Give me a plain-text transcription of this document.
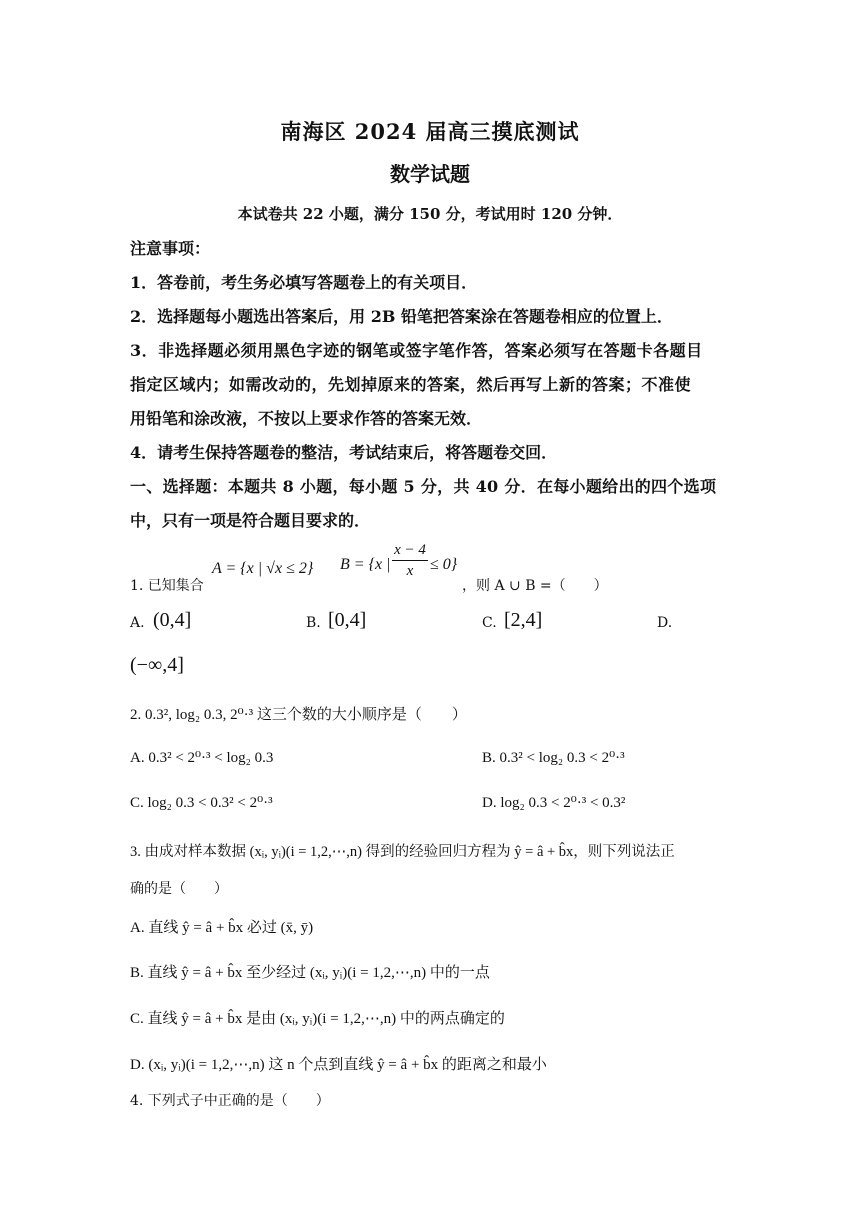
南海区 2024 届高三摸底测试
数学试题
本试卷共 22 小题，满分 150 分，考试用时 120 分钟．
注意事项：
1．答卷前，考生务必填写答题卷上的有关项目．
2．选择题每小题选出答案后，用 2B 铅笔把答案涂在答题卷相应的位置上．
3．非选择题必须用黑色字迹的钢笔或签字笔作答，答案必须写在答题卡各题目
指定区域内；如需改动的，先划掉原来的答案，然后再写上新的答案；不准使
用铅笔和涂改液，不按以上要求作答的答案无效．
4．请考生保持答题卷的整洁，考试结束后，将答题卷交回．
一、选择题：本题共 8 小题，每小题 5 分，共 40 分．在每小题给出的四个选项
中，只有一项是符合题目要求的．
1. 已知集合
A = {x | √x ≤ 2} B = {x | $\frac{x - 4}{x} \le 0$}
，则 A ∪ B =（　　）
A. (0,4]	B. [0,4]	C. [2,4]	D.
(−∞,4]
2. 0.3², log₂ 0.3, 2⁰·³ 这三个数的大小顺序是（　　）
A. 0.3² < 2⁰·³ < log₂ 0.3	B. 0.3² < log₂ 0.3 < 2⁰·³
C. log₂ 0.3 < 0.3² < 2⁰·³	D. log₂ 0.3 < 2⁰·³ < 0.3²
3. 由成对样本数据 (xᵢ, yᵢ)(i = 1,2,⋯,n) 得到的经验回归方程为 ŷ = â + b̂x，则下列说法正
确的是（　　）
A. 直线 ŷ = â + b̂x 必过 (x̄, ȳ)
B. 直线 ŷ = â + b̂x 至少经过 (xᵢ, yᵢ)(i = 1,2,⋯,n) 中的一点
C. 直线 ŷ = â + b̂x 是由 (xᵢ, yᵢ)(i = 1,2,⋯,n) 中的两点确定的
D. (xᵢ, yᵢ)(i = 1,2,⋯,n) 这 n 个点到直线 ŷ = â + b̂x 的距离之和最小
4. 下列式子中正确的是（　　）
